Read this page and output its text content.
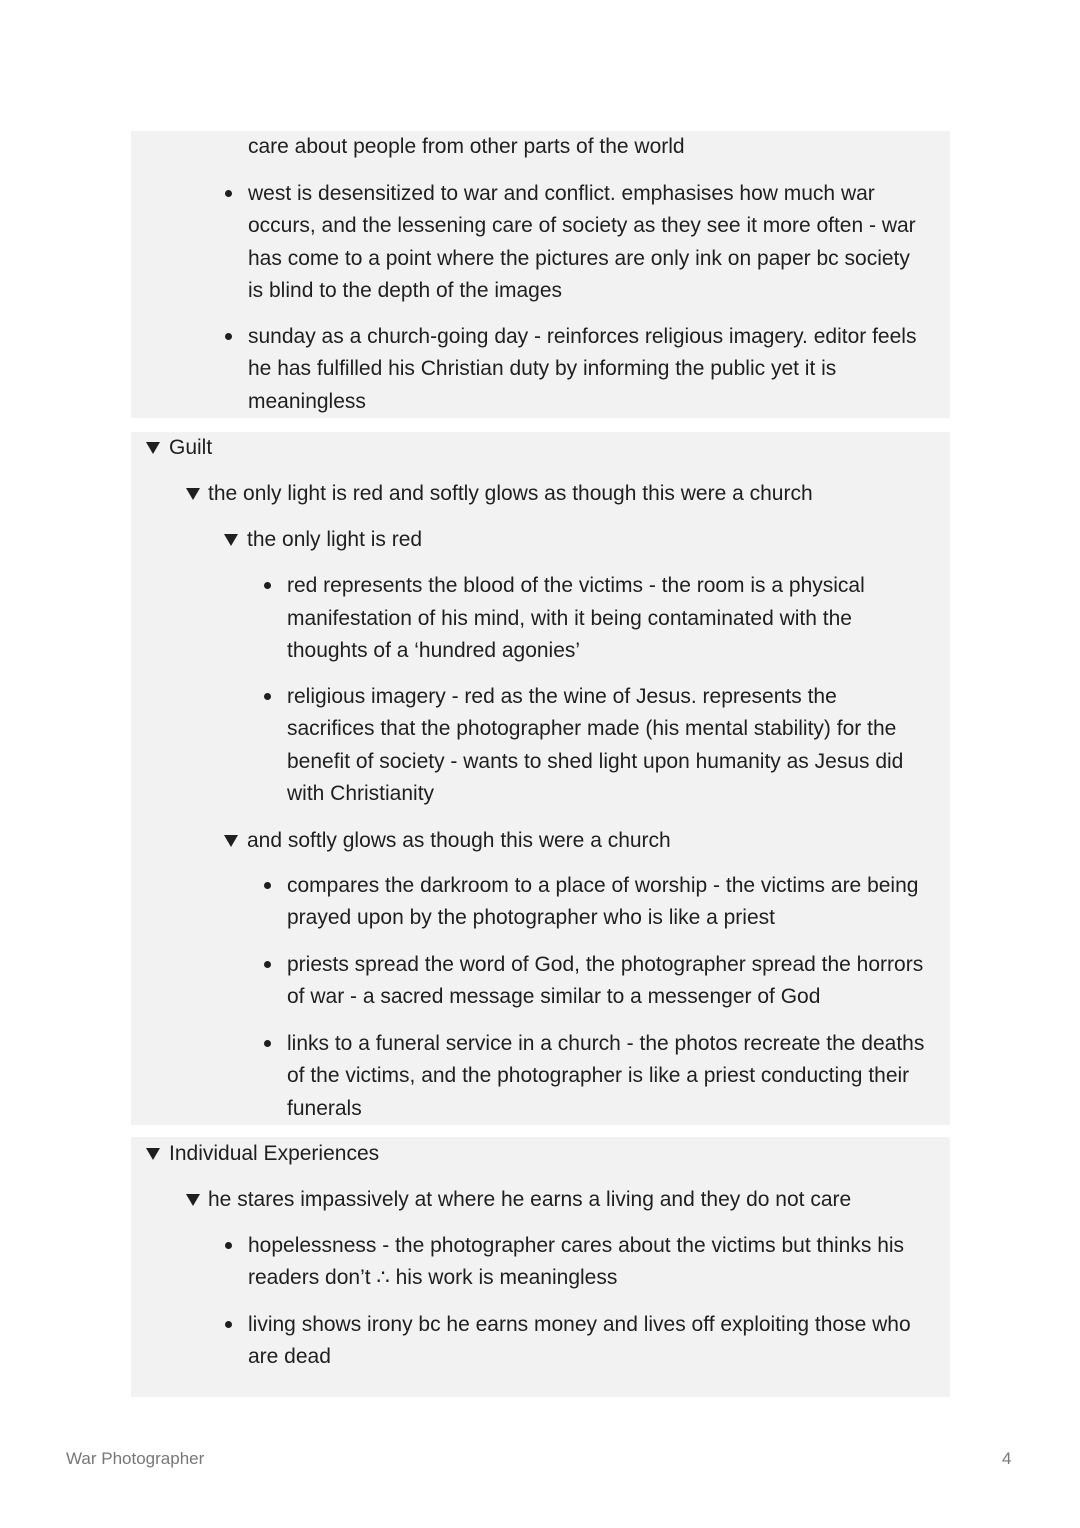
care about people from other parts of the world
west is desensitized to war and conflict. emphasises how much war
occurs, and the lessening care of society as they see it more often - war
has come to a point where the pictures are only ink on paper bc society
is blind to the depth of the images
sunday as a church-going day - reinforces religious imagery. editor feels
he has fulfilled his Christian duty by informing the public yet it is
meaningless
Guilt
the only light is red and softly glows as though this were a church
the only light is red
red represents the blood of the victims - the room is a physical
manifestation of his mind, with it being contaminated with the
thoughts of a ‘hundred agonies’
religious imagery - red as the wine of Jesus. represents the
sacrifices that the photographer made (his mental stability) for the
benefit of society - wants to shed light upon humanity as Jesus did
with Christianity
and softly glows as though this were a church
compares the darkroom to a place of worship - the victims are being
prayed upon by the photographer who is like a priest
priests spread the word of God, the photographer spread the horrors
of war - a sacred message similar to a messenger of God
links to a funeral service in a church - the photos recreate the deaths
of the victims, and the photographer is like a priest conducting their
funerals
Individual Experiences
he stares impassively at where he earns a living and they do not care
hopelessness - the photographer cares about the victims but thinks his
readers don’t ∴ his work is meaningless
living shows irony bc he earns money and lives off exploiting those who
are dead
War Photographer	4
